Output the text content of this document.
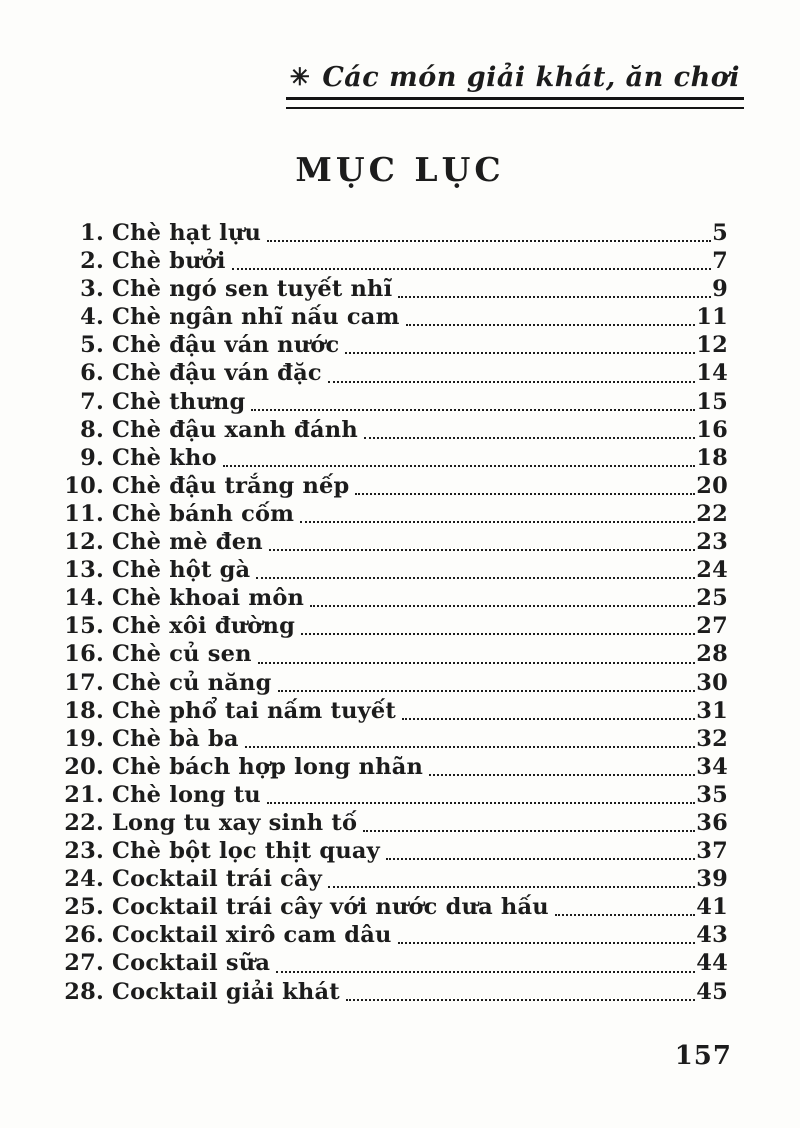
✳ Các món giải khát, ăn chơi
MỤC LỤC
1. Chè hạt lựu	5
2. Chè bưởi	7
3. Chè ngó sen tuyết nhĩ	9
4. Chè ngân nhĩ nấu cam	11
5. Chè đậu ván nước	12
6. Chè đậu ván đặc	14
7. Chè thưng	15
8. Chè đậu xanh đánh	16
9. Chè kho	18
10. Chè đậu trắng nếp	20
11. Chè bánh cốm	22
12. Chè mè đen	23
13. Chè hột gà	24
14. Chè khoai môn	25
15. Chè xôi đường	27
16. Chè củ sen	28
17. Chè củ năng	30
18. Chè phổ tai nấm tuyết	31
19. Chè bà ba	32
20. Chè bách hợp long nhãn	34
21. Chè long tu	35
22. Long tu xay sinh tố	36
23. Chè bột lọc thịt quay	37
24. Cocktail trái cây	39
25. Cocktail trái cây với nước dưa hấu	41
26. Cocktail xirô cam dâu	43
27. Cocktail sữa	44
28. Cocktail giải khát	45
157
